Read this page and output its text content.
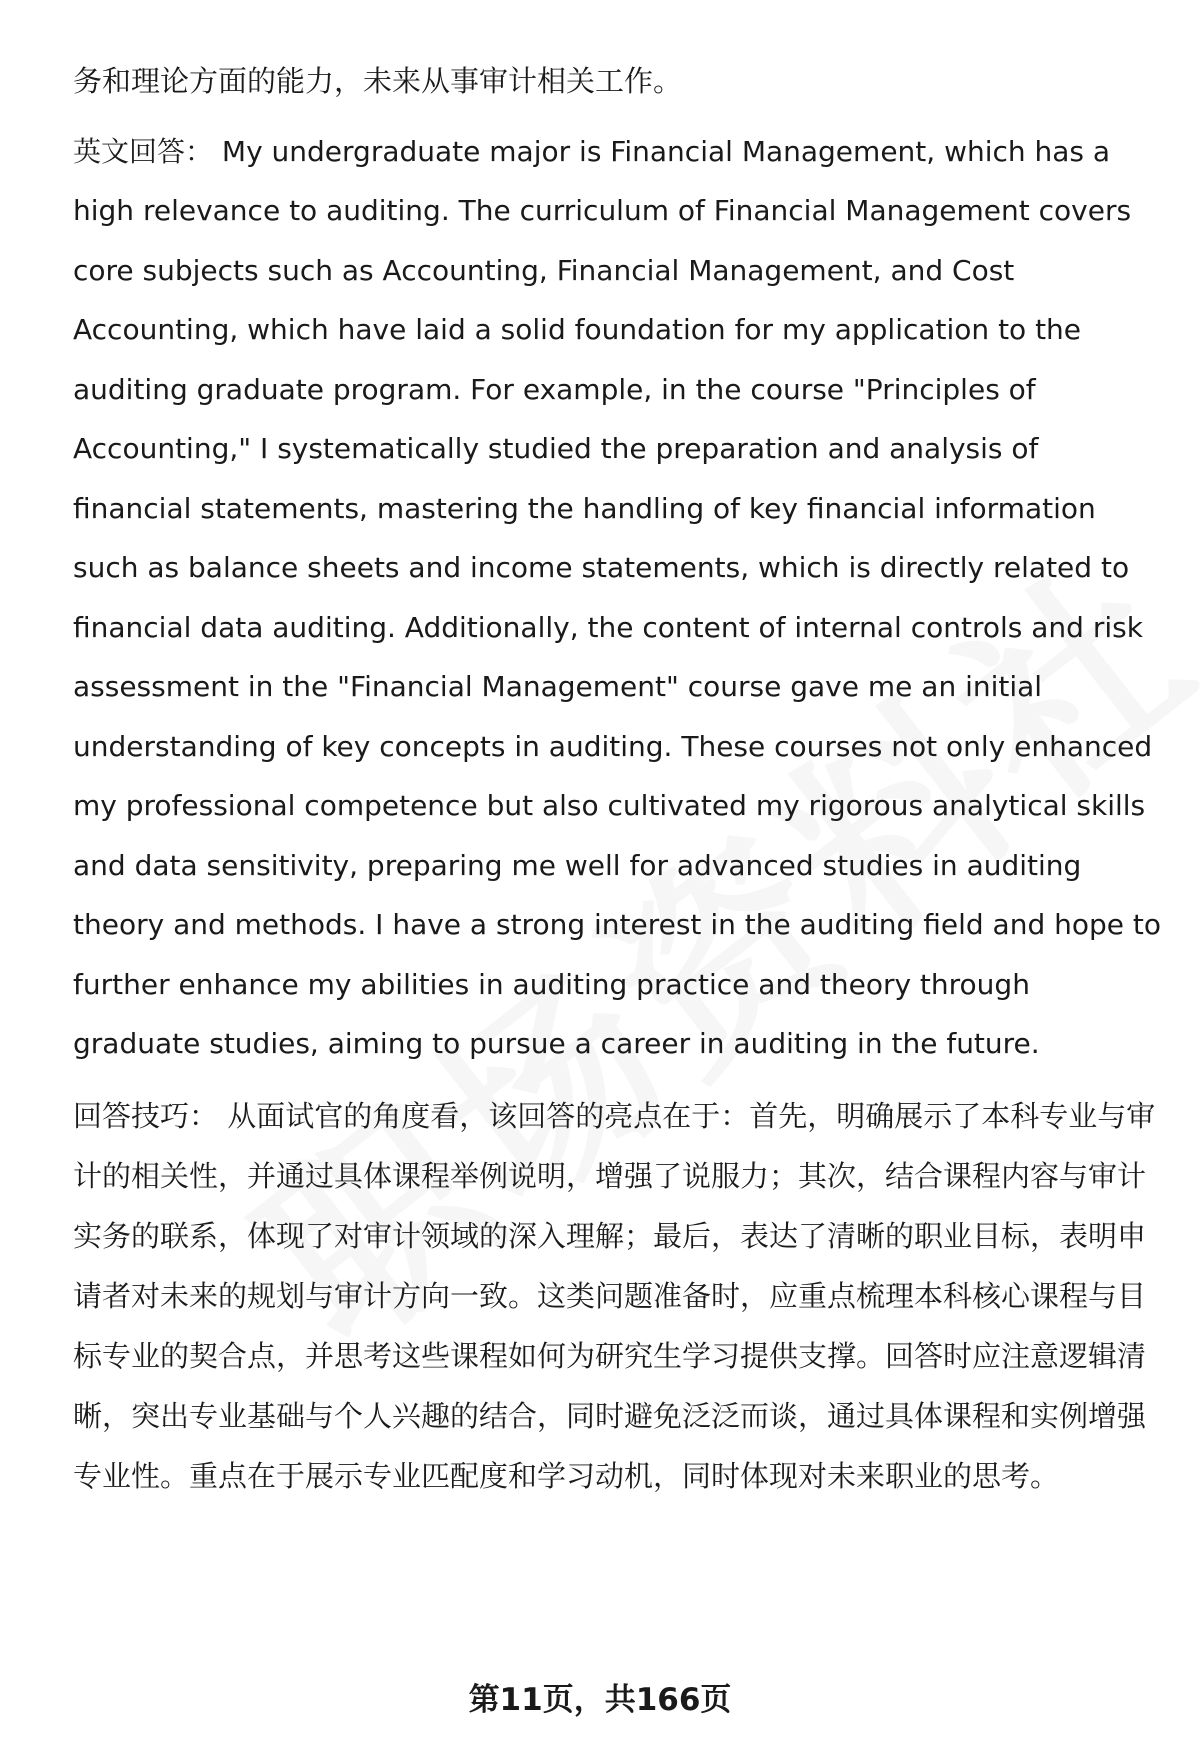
务和理论方面的能力，未来从事审计相关工作。

英文回答： My undergraduate major is Financial Management, which has a high relevance to auditing. The curriculum of Financial Management covers core subjects such as Accounting, Financial Management, and Cost Accounting, which have laid a solid foundation for my application to the auditing graduate program. For example, in the course "Principles of Accounting," I systematically studied the preparation and analysis of financial statements, mastering the handling of key financial information such as balance sheets and income statements, which is directly related to financial data auditing. Additionally, the content of internal controls and risk assessment in the "Financial Management" course gave me an initial understanding of key concepts in auditing. These courses not only enhanced my professional competence but also cultivated my rigorous analytical skills and data sensitivity, preparing me well for advanced studies in auditing theory and methods. I have a strong interest in the auditing field and hope to further enhance my abilities in auditing practice and theory through graduate studies, aiming to pursue a career in auditing in the future.

回答技巧： 从面试官的角度看，该回答的亮点在于：首先，明确展示了本科专业与审计的相关性，并通过具体课程举例说明，增强了说服力；其次，结合课程内容与审计实务的联系，体现了对审计领域的深入理解；最后，表达了清晰的职业目标，表明申请者对未来的规划与审计方向一致。这类问题准备时，应重点梳理本科核心课程与目标专业的契合点，并思考这些课程如何为研究生学习提供支撑。回答时应注意逻辑清晰，突出专业基础与个人兴趣的结合，同时避免泛泛而谈，通过具体课程和实例增强专业性。重点在于展示专业匹配度和学习动机，同时体现对未来职业的思考。

第11页，共166页
